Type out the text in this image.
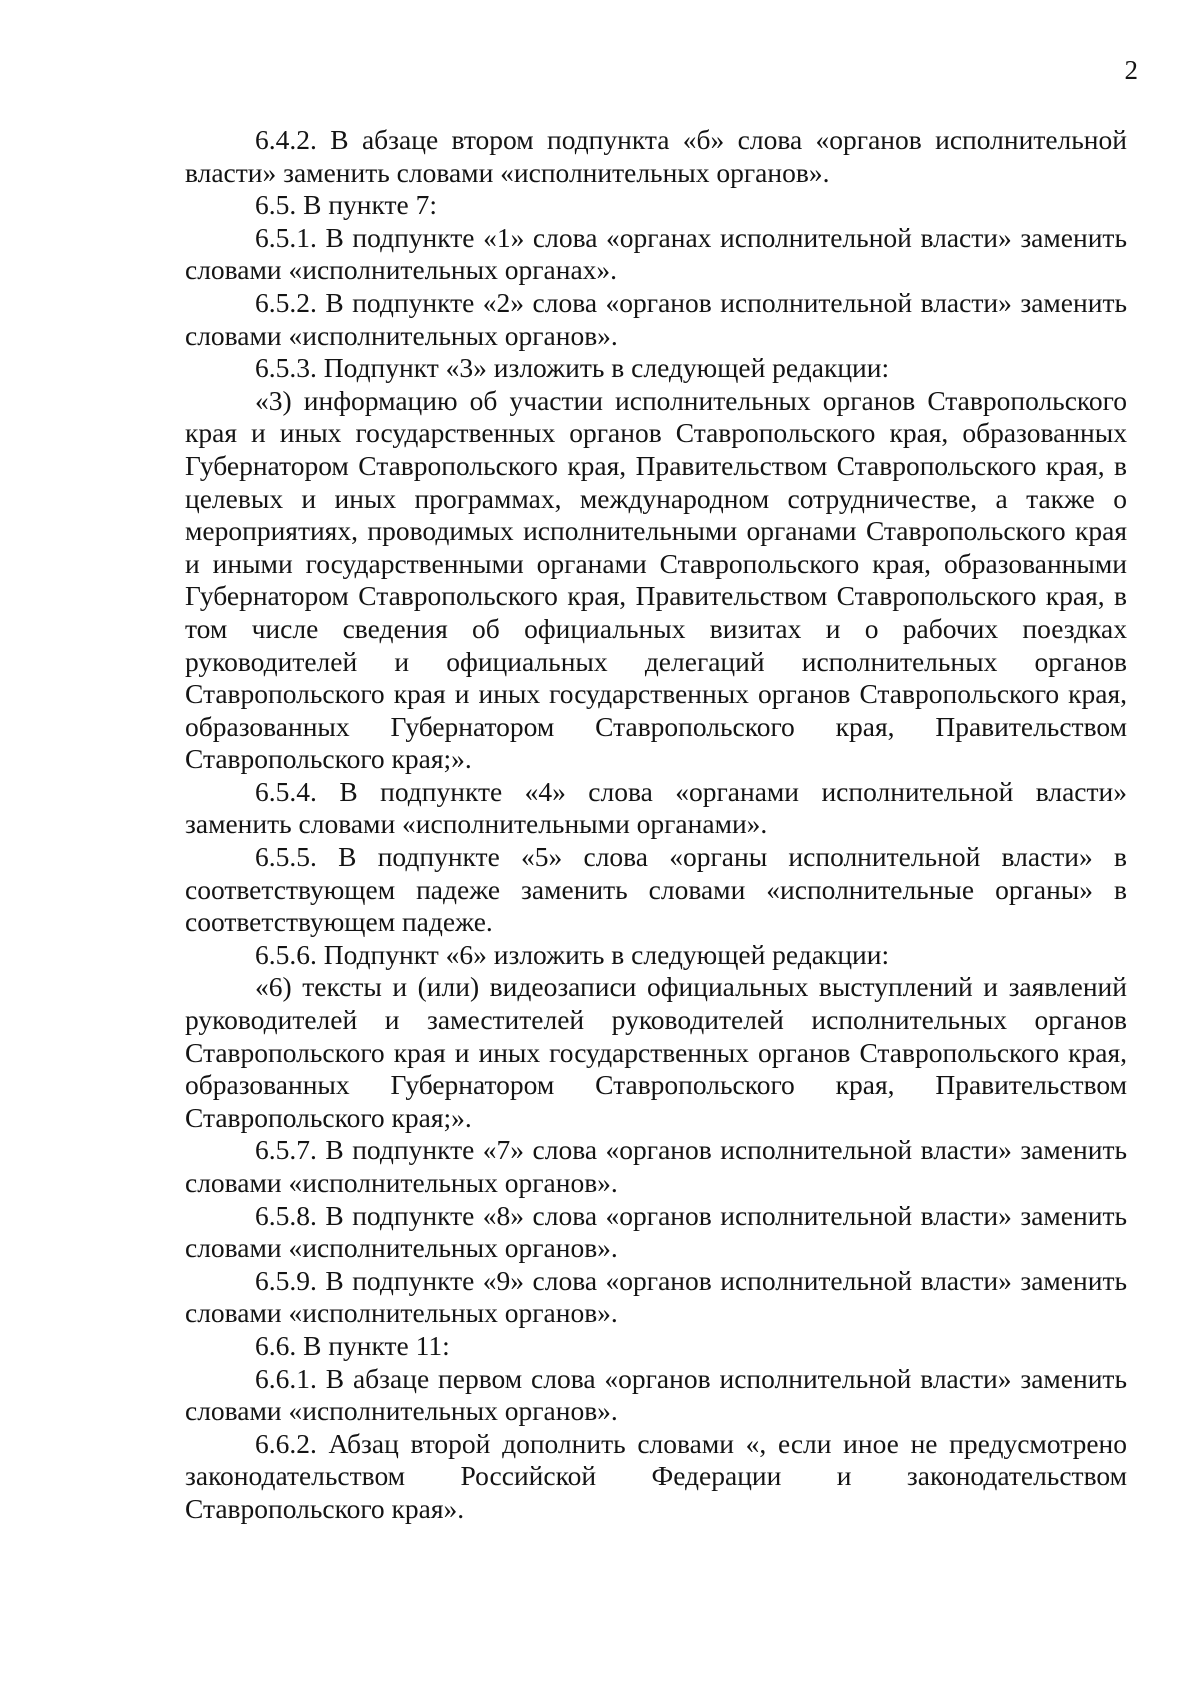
2

6.4.2. В абзаце втором подпункта «б» слова «органов исполнительной власти» заменить словами «исполнительных органов».

6.5. В пункте 7:

6.5.1. В подпункте «1» слова «органах исполнительной власти» заменить словами «исполнительных органах».

6.5.2. В подпункте «2» слова «органов исполнительной власти» заменить словами «исполнительных органов».

6.5.3. Подпункт «3» изложить в следующей редакции:

«3) информацию об участии исполнительных органов Ставропольского края и иных государственных органов Ставропольского края, образованных Губернатором Ставропольского края, Правительством Ставропольского края, в целевых и иных программах, международном сотрудничестве, а также о мероприятиях, проводимых исполнительными органами Ставропольского края и иными государственными органами Ставропольского края, образованными Губернатором Ставропольского края, Правительством Ставропольского края, в том числе сведения об официальных визитах и о рабочих поездках руководителей и официальных делегаций исполнительных органов Ставропольского края и иных государственных органов Ставропольского края, образованных Губернатором Ставропольского края, Правительством Ставропольского края;».

6.5.4. В подпункте «4» слова «органами исполнительной власти» заменить словами «исполнительными органами».

6.5.5. В подпункте «5» слова «органы исполнительной власти» в соответствующем падеже заменить словами «исполнительные органы» в соответствующем падеже.

6.5.6. Подпункт «6» изложить в следующей редакции:

«6) тексты и (или) видеозаписи официальных выступлений и заявлений руководителей и заместителей руководителей исполнительных органов Ставропольского края и иных государственных органов Ставропольского края, образованных Губернатором Ставропольского края, Правительством Ставропольского края;».

6.5.7. В подпункте «7» слова «органов исполнительной власти» заменить словами «исполнительных органов».

6.5.8. В подпункте «8» слова «органов исполнительной власти» заменить словами «исполнительных органов».

6.5.9. В подпункте «9» слова «органов исполнительной власти» заменить словами «исполнительных органов».

6.6. В пункте 11:

6.6.1. В абзаце первом слова «органов исполнительной власти» заменить словами «исполнительных органов».

6.6.2. Абзац второй дополнить словами «, если иное не предусмотрено законодательством Российской Федерации и законодательством Ставропольского края».
